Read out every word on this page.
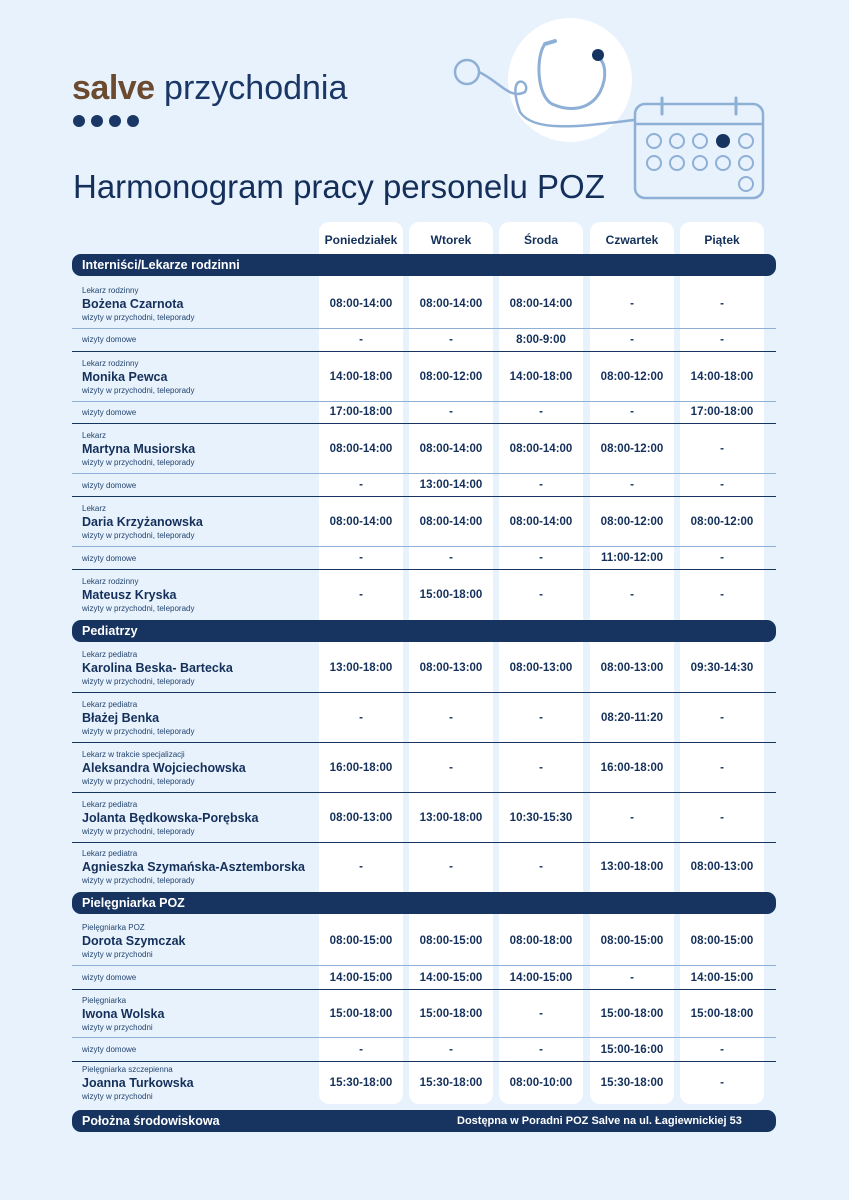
salve przychodnia
Harmonogram pracy personelu POZ
Poniedziałek	Wtorek	Środa	Czwartek	Piątek
Interniści/Lekarze rodzinni
Lekarz rodzinny
Bożena Czarnota
wizyty w przychodni, teleporady
08:00-14:00	08:00-14:00	08:00-14:00	-	-
wizyty domowe	-	-	8:00-9:00	-	-
Lekarz rodzinny
Monika Pewca
wizyty w przychodni, teleporady
14:00-18:00	08:00-12:00	14:00-18:00	08:00-12:00	14:00-18:00
wizyty domowe	17:00-18:00	-	-	-	17:00-18:00
Lekarz
Martyna Musiorska
wizyty w przychodni, teleporady
08:00-14:00	08:00-14:00	08:00-14:00	08:00-12:00	-
wizyty domowe	-	13:00-14:00	-	-	-
Lekarz
Daria Krzyżanowska
wizyty w przychodni, teleporady
08:00-14:00	08:00-14:00	08:00-14:00	08:00-12:00	08:00-12:00
wizyty domowe	-	-	-	11:00-12:00	-
Lekarz rodzinny
Mateusz Kryska
wizyty w przychodni, teleporady
-	15:00-18:00	-	-	-
Pediatrzy
Lekarz pediatra
Karolina Beska- Bartecka
wizyty w przychodni, teleporady
13:00-18:00	08:00-13:00	08:00-13:00	08:00-13:00	09:30-14:30
Lekarz pediatra
Błażej Benka
wizyty w przychodni, teleporady
-	-	-	08:20-11:20	-
Lekarz w trakcie specjalizacji
Aleksandra Wojciechowska
wizyty w przychodni, teleporady
16:00-18:00	-	-	16:00-18:00	-
Lekarz pediatra
Jolanta Będkowska-Porębska
wizyty w przychodni, teleporady
08:00-13:00	13:00-18:00	10:30-15:30	-	-
Lekarz pediatra
Agnieszka Szymańska-Asztemborska
wizyty w przychodni, teleporady
-	-	-	13:00-18:00	08:00-13:00
Pielęgniarka POZ
Pielęgniarka POZ
Dorota Szymczak
wizyty w przychodni
08:00-15:00	08:00-15:00	08:00-18:00	08:00-15:00	08:00-15:00
wizyty domowe	14:00-15:00	14:00-15:00	14:00-15:00	-	14:00-15:00
Pielęgniarka
Iwona Wolska
wizyty w przychodni
15:00-18:00	15:00-18:00	-	15:00-18:00	15:00-18:00
wizyty domowe	-	-	-	15:00-16:00	-
Pielęgniarka szczepienna
Joanna Turkowska
wizyty w przychodni
15:30-18:00	15:30-18:00	08:00-10:00	15:30-18:00	-
Położna środowiskowa	Dostępna w Poradni POZ Salve na ul. Łagiewnickiej 53
